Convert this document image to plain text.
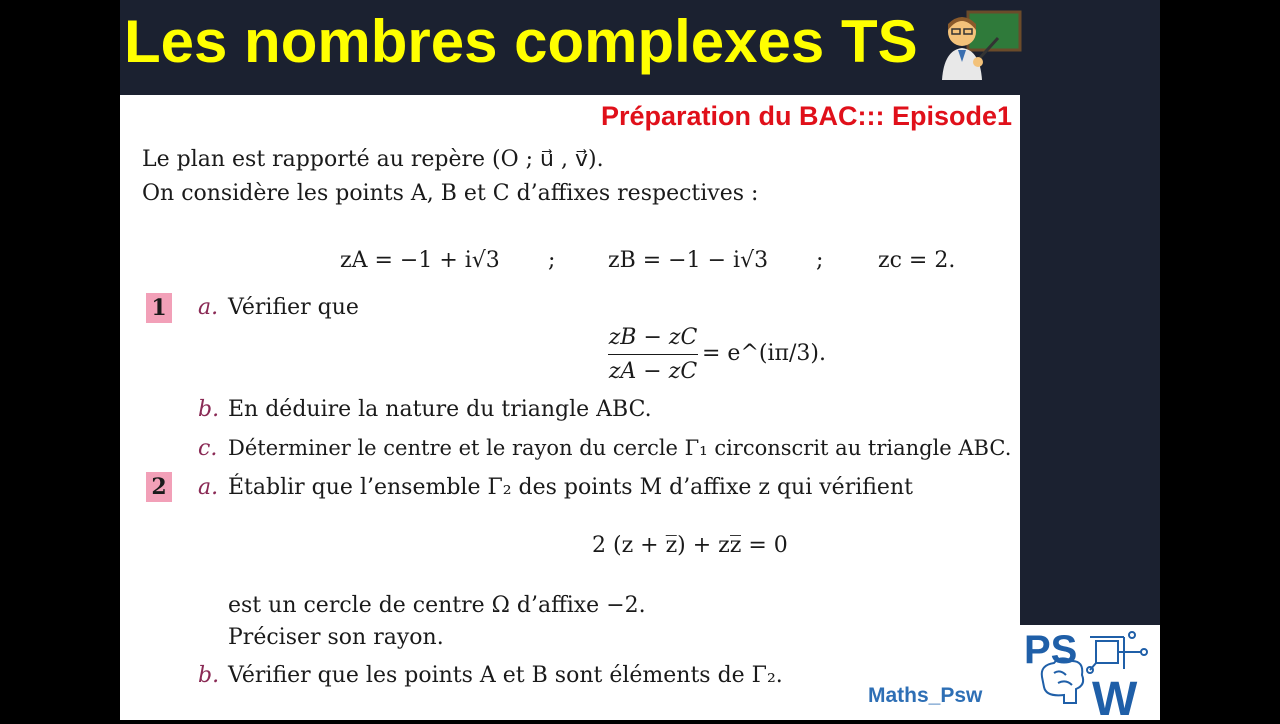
Les nombres complexes TS
Préparation du BAC::: Episode1
Le plan est rapporté au repère (O ; u⃗ , v⃗).
On considère les points A, B et C d’affixes respectives :
zA = −1 + i√3 ; zB = −1 − i√3 ; zc = 2.
1 a. Vérifier que
zB − zC
zA − zC
= e^(iπ/3).
b. En déduire la nature du triangle ABC.
c. Déterminer le centre et le rayon du cercle Γ₁ circonscrit au triangle ABC.
2 a. Établir que l’ensemble Γ₂ des points M d’affixe z qui vérifient
2 (z + z̅) + zz̅ = 0
est un cercle de centre Ω d’affixe −2.
Préciser son rayon.
b. Vérifier que les points A et B sont éléments de Γ₂.
Maths_Psw
PS
W
